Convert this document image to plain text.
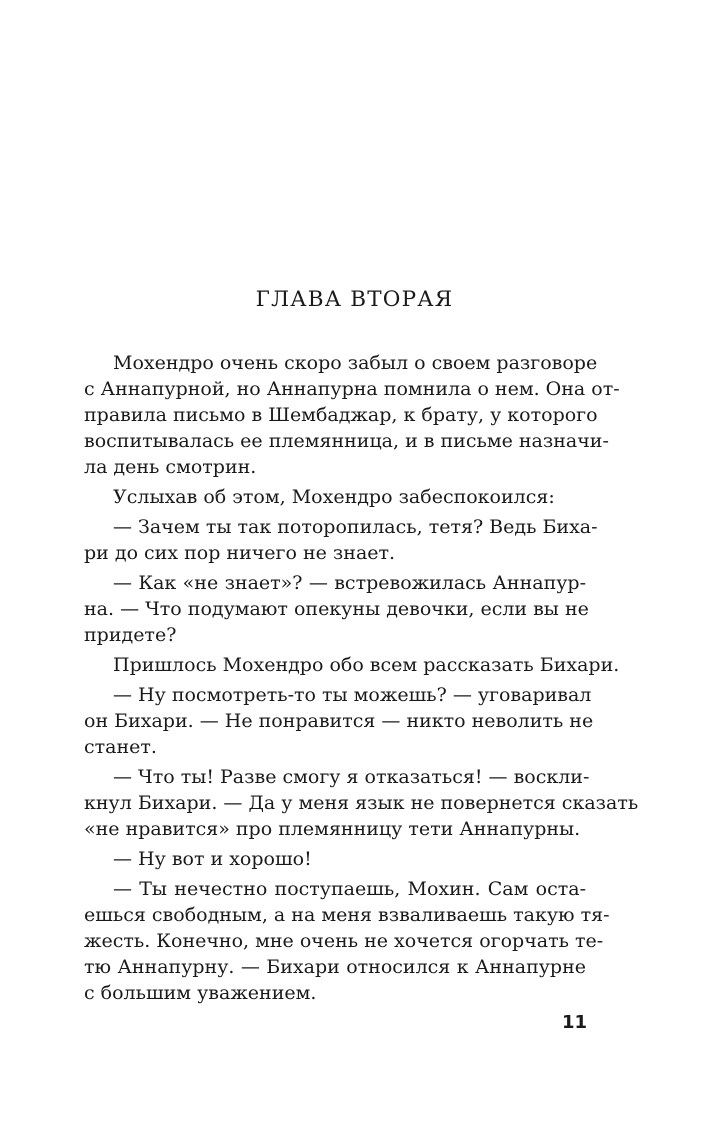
ГЛАВА ВТОРАЯ
Мохендро очень скоро забыл о своем разговоре
с Аннапурной, но Аннапурна помнила о нем. Она от-
правила письмо в Шембаджар, к брату, у которого
воспитывалась ее племянница, и в письме назначи-
ла день смотрин.
Услыхав об этом, Мохендро забеспокоился:
— Зачем ты так поторопилась, тетя? Ведь Биха-
ри до сих пор ничего не знает.
— Как «не знает»? — встревожилась Аннапур-
на. — Что подумают опекуны девочки, если вы не
придете?
Пришлось Мохендро обо всем рассказать Бихари.
— Ну посмотреть-то ты можешь? — уговаривал
он Бихари. — Не понравится — никто неволить не
станет.
— Что ты! Разве смогу я отказаться! — воскли-
кнул Бихари. — Да у меня язык не повернется сказать
«не нравится» про племянницу тети Аннапурны.
— Ну вот и хорошо!
— Ты нечестно поступаешь, Мохин. Сам оста-
ешься свободным, а на меня взваливаешь такую тя-
жесть. Конечно, мне очень не хочется огорчать те-
тю Аннапурну. — Бихари относился к Аннапурне
с большим уважением.
11
